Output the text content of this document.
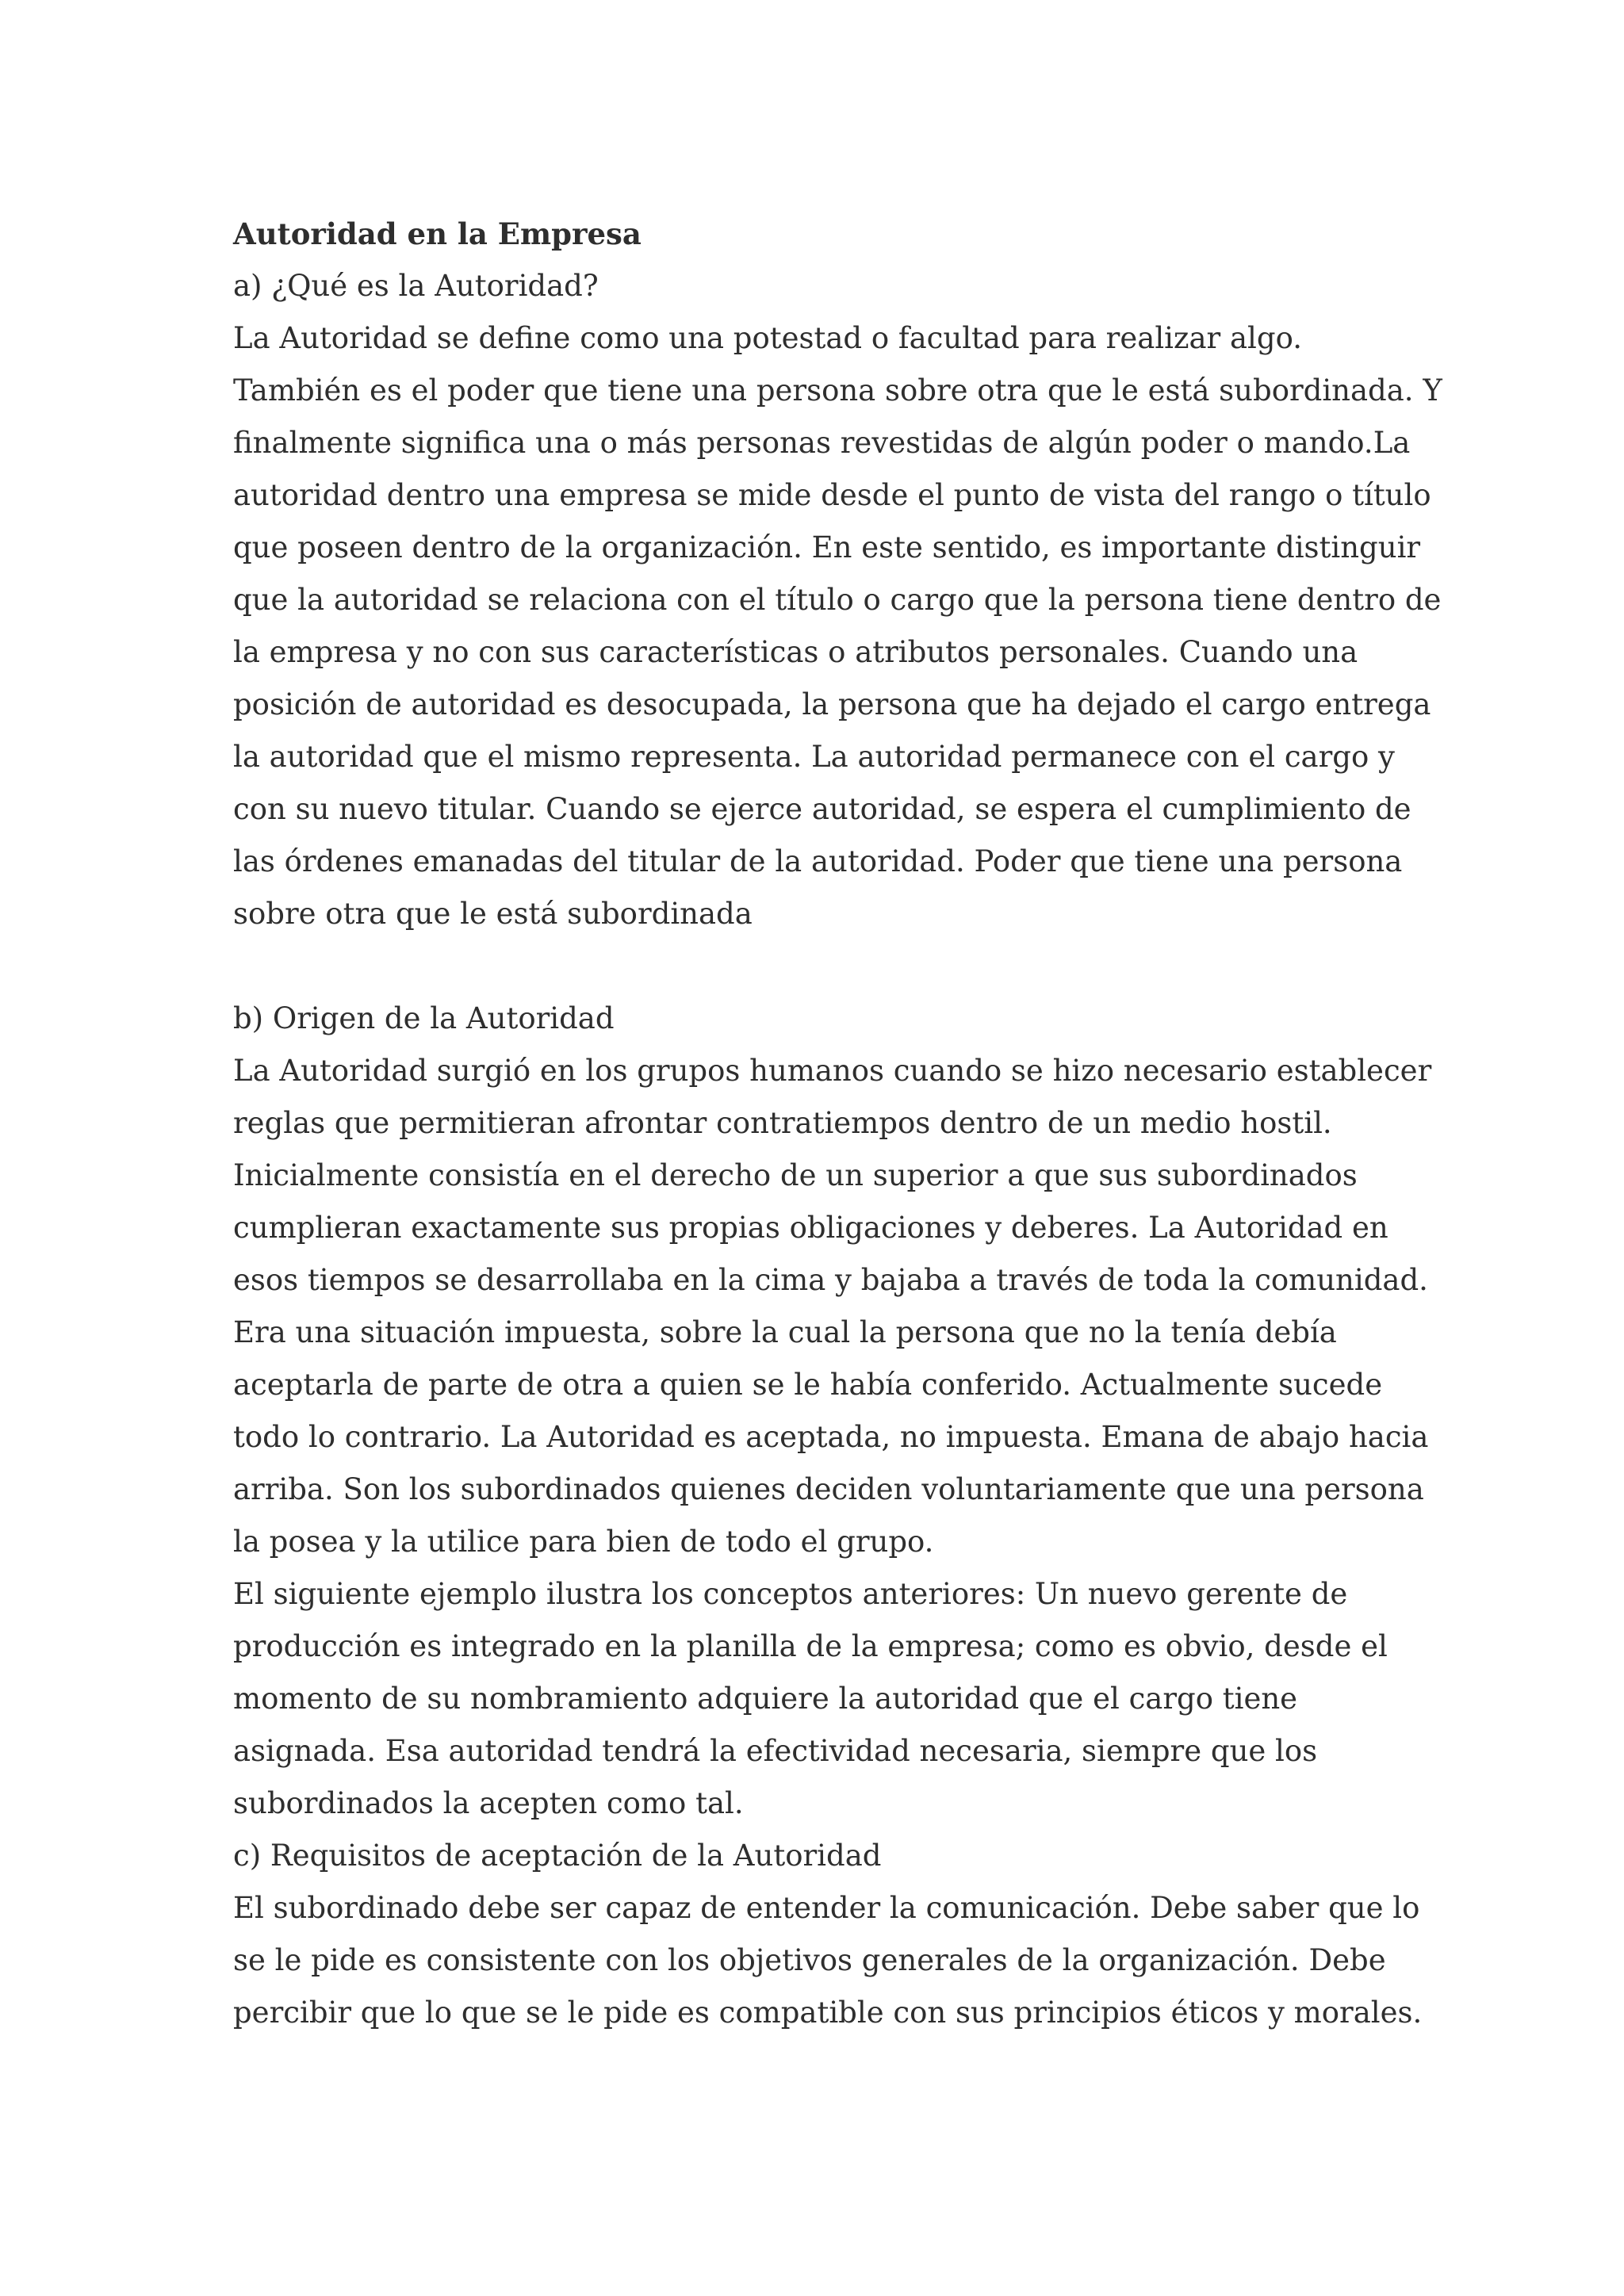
Autoridad en la Empresa
a) ¿Qué es la Autoridad?
La Autoridad se define como una potestad o facultad para realizar algo.
También es el poder que tiene una persona sobre otra que le está subordinada. Y
finalmente significa una o más personas revestidas de algún poder o mando.La
autoridad dentro una empresa se mide desde el punto de vista del rango o título
que poseen dentro de la organización. En este sentido, es importante distinguir
que la autoridad se relaciona con el título o cargo que la persona tiene dentro de
la empresa y no con sus características o atributos personales. Cuando una
posición de autoridad es desocupada, la persona que ha dejado el cargo entrega
la autoridad que el mismo representa. La autoridad permanece con el cargo y
con su nuevo titular. Cuando se ejerce autoridad, se espera el cumplimiento de
las órdenes emanadas del titular de la autoridad. Poder que tiene una persona
sobre otra que le está subordinada
b) Origen de la Autoridad
La Autoridad surgió en los grupos humanos cuando se hizo necesario establecer
reglas que permitieran afrontar contratiempos dentro de un medio hostil.
Inicialmente consistía en el derecho de un superior a que sus subordinados
cumplieran exactamente sus propias obligaciones y deberes. La Autoridad en
esos tiempos se desarrollaba en la cima y bajaba a través de toda la comunidad.
Era una situación impuesta, sobre la cual la persona que no la tenía debía
aceptarla de parte de otra a quien se le había conferido. Actualmente sucede
todo lo contrario. La Autoridad es aceptada, no impuesta. Emana de abajo hacia
arriba. Son los subordinados quienes deciden voluntariamente que una persona
la posea y la utilice para bien de todo el grupo.
El siguiente ejemplo ilustra los conceptos anteriores: Un nuevo gerente de
producción es integrado en la planilla de la empresa; como es obvio, desde el
momento de su nombramiento adquiere la autoridad que el cargo tiene
asignada. Esa autoridad tendrá la efectividad necesaria, siempre que los
subordinados la acepten como tal.
c) Requisitos de aceptación de la Autoridad
El subordinado debe ser capaz de entender la comunicación. Debe saber que lo
se le pide es consistente con los objetivos generales de la organización. Debe
percibir que lo que se le pide es compatible con sus principios éticos y morales.
